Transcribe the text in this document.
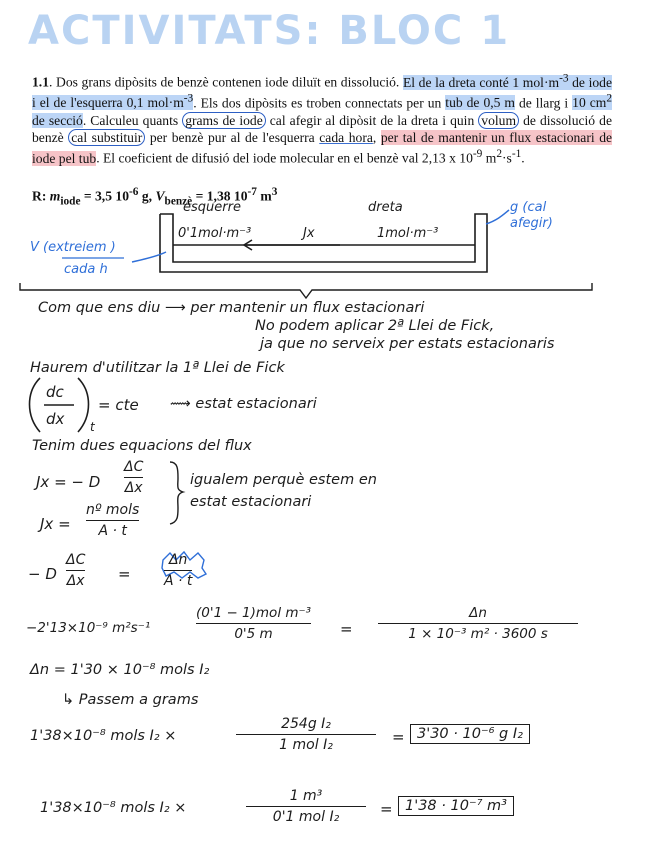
ACTIVITATS: BLOC 1
1.1. Dos grans dipòsits de benzè contenen iode diluït en dissolució. El de la dreta conté 1 $mol\cdot m^{-3}$ de iode i el de l'esquerra 0,1 $mol\cdot m^{-3}$. Els dos dipòsits es troben connectats per un tub de 0,5 m de llarg i 10 $cm^2$ de secció. Calculeu quants grams de iode cal afegir al dipòsit de la dreta i quin volum de dissolució de benzè cal substituir per benzè pur al de l'esquerra cada hora, per tal de mantenir un flux estacionari de iode pel tub. El coeficient de difusió del iode molecular en el benzè val 2,13 x $10^{-9}$ $m^2\cdot s^{-1}$.
R: $m_{iode} = 3,5$ $10^{-6}$ g, $V_{benzè} = 1,38$ $10^{-7}$ $m^3$
esquerre	dreta
0'1mol·m⁻³	Jx	1mol·m⁻³
g (cal afegir)
V (extreiem )
cada h
Com que ens diu ⟶ per mantenir un flux estacionari
No podem aplicar 2ª Llei de Fick,
ja que no serveix per estats estacionaris
Haurem d'utilitzar la 1ª Llei de Fick
dc
dx t
= cte ⟿ estat estacionari
Tenim dues equacions del flux
Jx = − D $\frac{\Delta C}{\Delta x}$	igualem perquè estem en
estat estacionari
Jx =
nº mols
A · t
− D $\frac{\Delta C}{\Delta x} = \frac{\Delta n}{A \cdot t}$
−2'13×10⁻⁹ m²s⁻¹
(0'1 − 1)mol m⁻³
0'5 m	= $\frac{\Delta n}{\text{1 × 10⁻³ m² · 3600 s}}$
Δn = 1'30 × 10⁻⁸ mols I₂
↳ Passem a grams
1'38×10⁻⁸ mols I₂ ×
254g I₂
1 mol I₂	= 3'30 · 10⁻⁶ g I₂
1'38×10⁻⁸ mols I₂ ×
1 m³
0'1 mol I₂	= 1'38 · 10⁻⁷ m³
